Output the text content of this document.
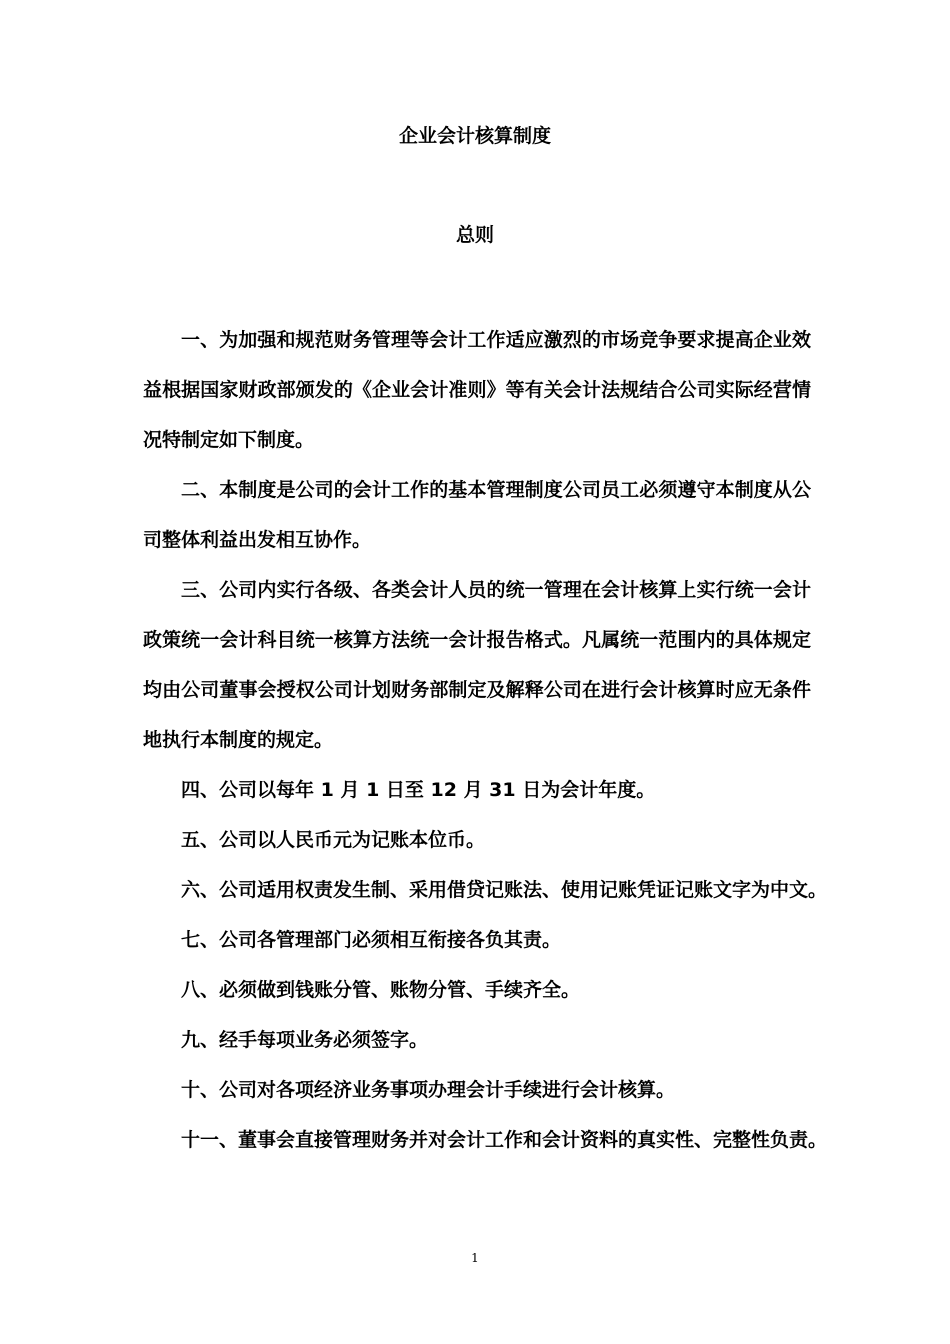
企业会计核算制度
总则

一、为加强和规范财务管理等会计工作适应激烈的市场竞争要求提高企业效益根据国家财政部颁发的《企业会计准则》等有关会计法规结合公司实际经营情况特制定如下制度。

二、本制度是公司的会计工作的基本管理制度公司员工必须遵守本制度从公司整体利益出发相互协作。

三、公司内实行各级、各类会计人员的统一管理在会计核算上实行统一会计政策统一会计科目统一核算方法统一会计报告格式。凡属统一范围内的具体规定均由公司董事会授权公司计划财务部制定及解释公司在进行会计核算时应无条件地执行本制度的规定。

四、公司以每年 1 月 1 日至 12 月 31 日为会计年度。

五、公司以人民币元为记账本位币。

六、公司适用权责发生制、采用借贷记账法、使用记账凭证记账文字为中文。

七、公司各管理部门必须相互衔接各负其责。

八、必须做到钱账分管、账物分管、手续齐全。

九、经手每项业务必须签字。

十、公司对各项经济业务事项办理会计手续进行会计核算。

十一、董事会直接管理财务并对会计工作和会计资料的真实性、完整性负责。

1
